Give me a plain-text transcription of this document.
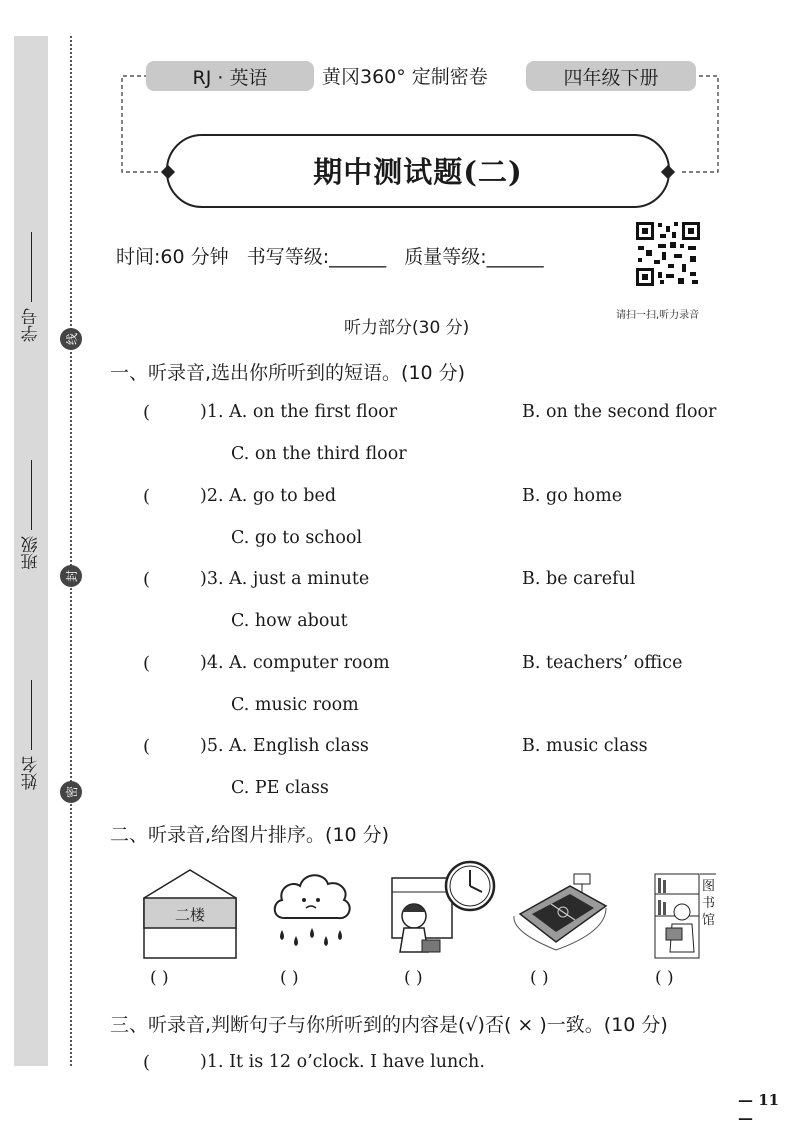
学号
班级
姓名
线
封
密
RJ · 英语	黄冈360° 定制密卷	四年级下册
期中测试题(二)
时间:60 分钟   书写等级:______   质量等级:______
请扫一扫,听力录音
听力部分(30 分)
一、听录音,选出你所听到的短语。(10 分)
(	)1. A. on the first floor	B. on the second floor
C. on the third floor
(	)2. A. go to bed	B. go home
C. go to school
(	)3. A. just a minute	B. be careful
C. how about
(	)4. A. computer room	B. teachers’ office
C. music room
(	)5. A. English class	B. music class
C. PE class
二、听录音,给图片排序。(10 分)
二楼
图书馆
( )	( )	( )	( )	( )
三、听录音,判断句子与你所听到的内容是(√)否( × )一致。(10 分)
(	)1. It is 12 o’clock. I have lunch.
— 11 —
